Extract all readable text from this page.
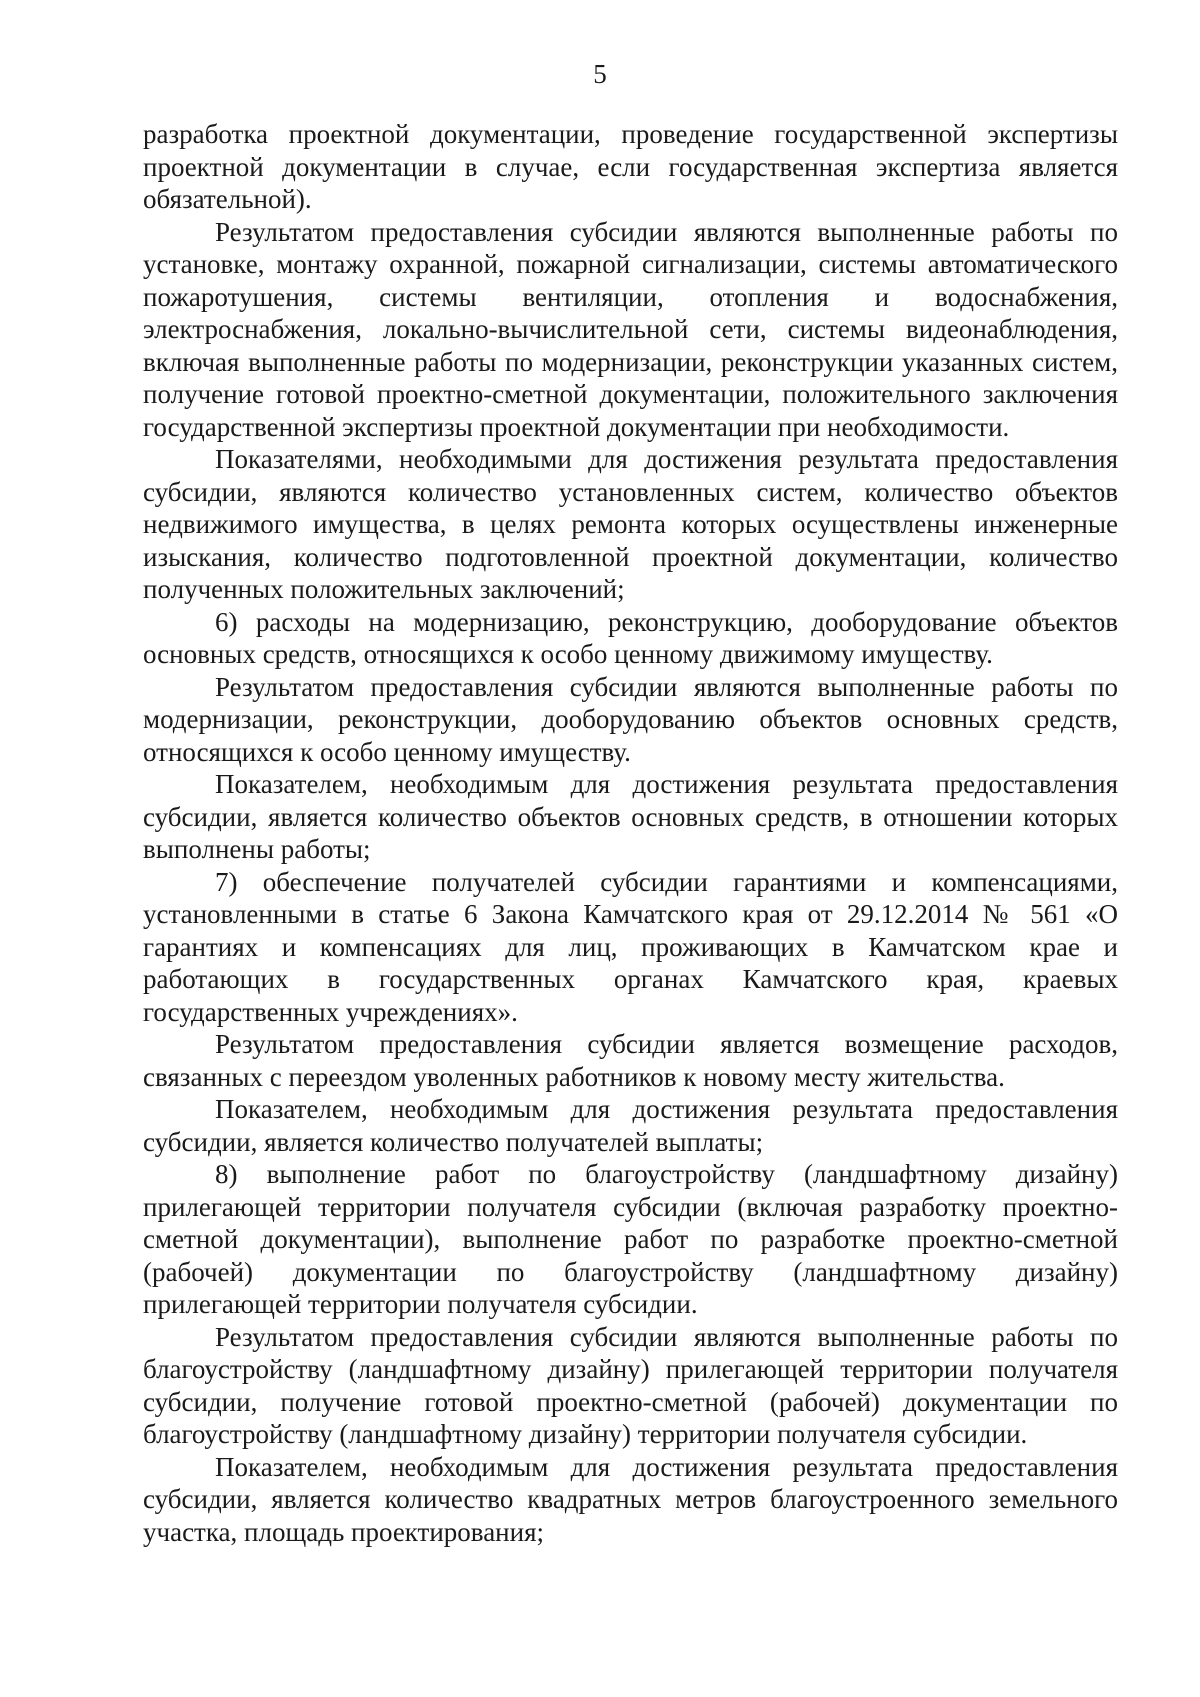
5

разработка проектной документации, проведение государственной экспертизы проектной документации в случае, если государственная экспертиза является обязательной).

Результатом предоставления субсидии являются выполненные работы по установке, монтажу охранной, пожарной сигнализации, системы автоматического пожаротушения, системы вентиляции, отопления и водоснабжения, электроснабжения, локально-вычислительной сети, системы видеонаблюдения, включая выполненные работы по модернизации, реконструкции указанных систем, получение готовой проектно-сметной документации, положительного заключения государственной экспертизы проектной документации при необходимости.

Показателями, необходимыми для достижения результата предоставления субсидии, являются количество установленных систем, количество объектов недвижимого имущества, в целях ремонта которых осуществлены инженерные изыскания, количество подготовленной проектной документации, количество полученных положительных заключений;

6) расходы на модернизацию, реконструкцию, дооборудование объектов основных средств, относящихся к особо ценному движимому имуществу.

Результатом предоставления субсидии являются выполненные работы по модернизации, реконструкции, дооборудованию объектов основных средств, относящихся к особо ценному имуществу.

Показателем, необходимым для достижения результата предоставления субсидии, является количество объектов основных средств, в отношении которых выполнены работы;

7) обеспечение получателей субсидии гарантиями и компенсациями, установленными в статье 6 Закона Камчатского края от 29.12.2014 № 561 «О гарантиях и компенсациях для лиц, проживающих в Камчатском крае и работающих в государственных органах Камчатского края, краевых государственных учреждениях».

Результатом предоставления субсидии является возмещение расходов, связанных с переездом уволенных работников к новому месту жительства.

Показателем, необходимым для достижения результата предоставления субсидии, является количество получателей выплаты;

8) выполнение работ по благоустройству (ландшафтному дизайну) прилегающей территории получателя субсидии (включая разработку проектно-сметной документации), выполнение работ по разработке проектно-сметной (рабочей) документации по благоустройству (ландшафтному дизайну) прилегающей территории получателя субсидии.

Результатом предоставления субсидии являются выполненные работы по благоустройству (ландшафтному дизайну) прилегающей территории получателя субсидии, получение готовой проектно-сметной (рабочей) документации по благоустройству (ландшафтному дизайну) территории получателя субсидии.

Показателем, необходимым для достижения результата предоставления субсидии, является количество квадратных метров благоустроенного земельного участка, площадь проектирования;
